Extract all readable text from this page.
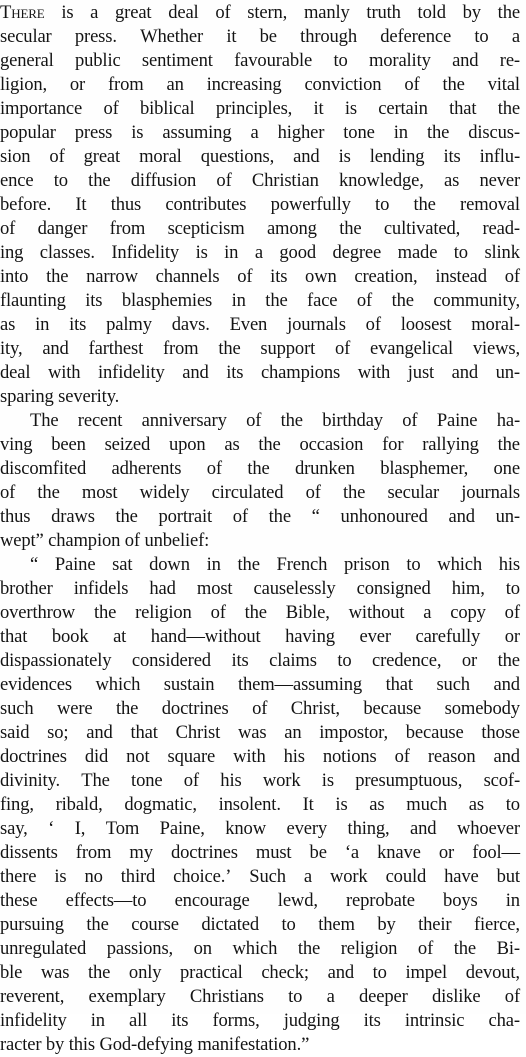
There is a great deal of stern, manly truth told by the
secular press. Whether it be through deference to a
general public sentiment favourable to morality and re-
ligion, or from an increasing conviction of the vital
importance of biblical principles, it is certain that the
popular press is assuming a higher tone in the discus-
sion of great moral questions, and is lending its influ-
ence to the diffusion of Christian knowledge, as never
before. It thus contributes powerfully to the removal
of danger from scepticism among the cultivated, read-
ing classes. Infidelity is in a good degree made to slink
into the narrow channels of its own creation, instead of
flaunting its blasphemies in the face of the community,
as in its palmy davs. Even journals of loosest moral-
ity, and farthest from the support of evangelical views,
deal with infidelity and its champions with just and un-
sparing severity.
The recent anniversary of the birthday of Paine ha-
ving been seized upon as the occasion for rallying the
discomfited adherents of the drunken blasphemer, one
of the most widely circulated of the secular journals
thus draws the portrait of the “ unhonoured and un-
wept” champion of unbelief:
“ Paine sat down in the French prison to which his
brother infidels had most causelessly consigned him, to
overthrow the religion of the Bible, without a copy of
that book at hand—without having ever carefully or
dispassionately considered its claims to credence, or the
evidences which sustain them—assuming that such and
such were the doctrines of Christ, because somebody
said so; and that Christ was an impostor, because those
doctrines did not square with his notions of reason and
divinity. The tone of his work is presumptuous, scof-
fing, ribald, dogmatic, insolent. It is as much as to
say, ‘ I, Tom Paine, know every thing, and whoever
dissents from my doctrines must be ‘a knave or fool—
there is no third choice.’ Such a work could have but
these effects—to encourage lewd, reprobate boys in
pursuing the course dictated to them by their fierce,
unregulated passions, on which the religion of the Bi-
ble was the only practical check; and to impel devout,
reverent, exemplary Christians to a deeper dislike of
infidelity in all its forms, judging its intrinsic cha-
racter by this God-defying manifestation.”
